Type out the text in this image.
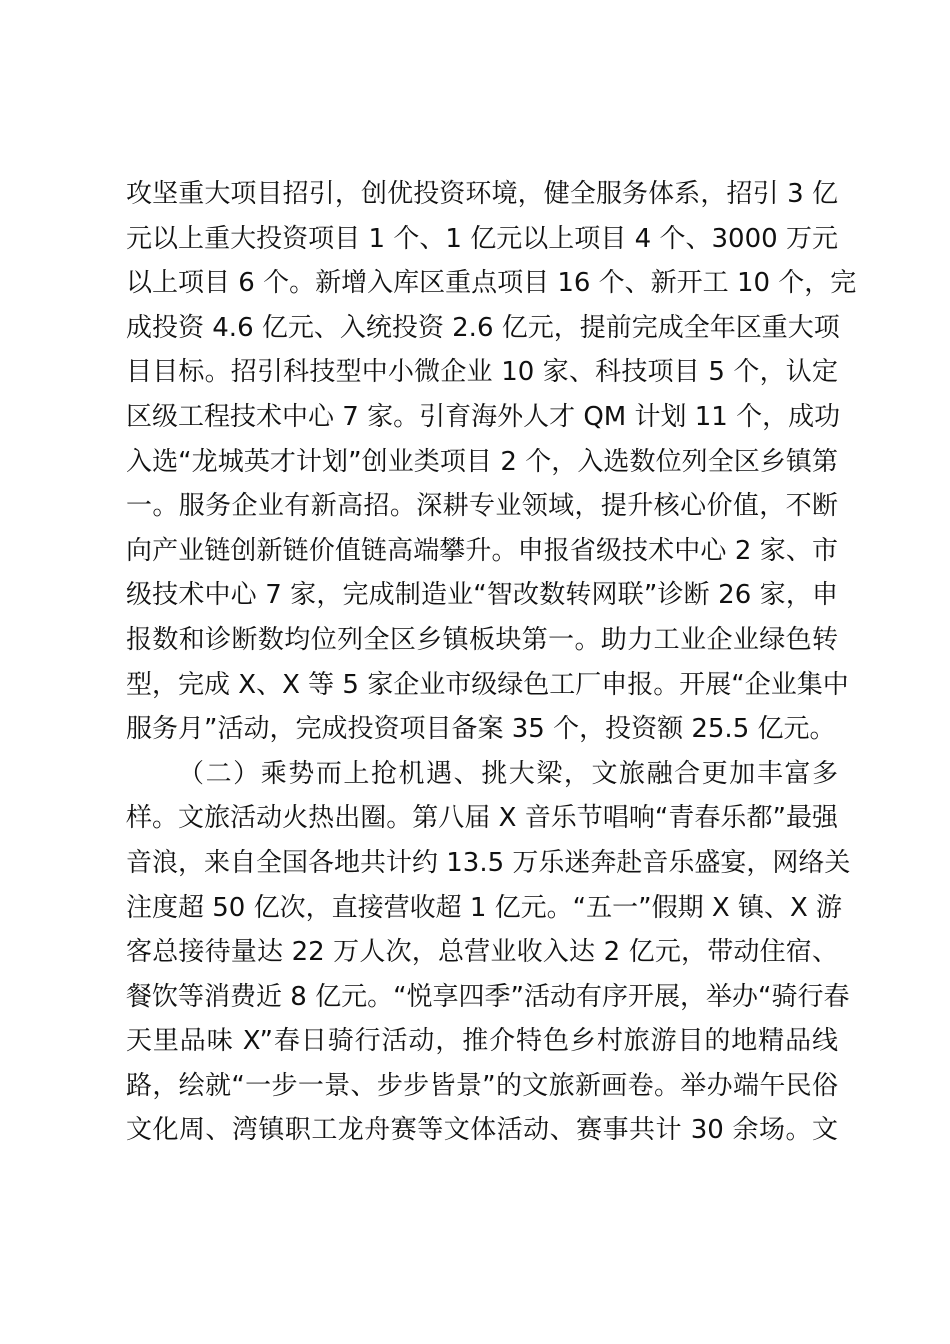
攻坚重大项目招引，创优投资环境，健全服务体系，招引 3 亿
元以上重大投资项目 1 个、1 亿元以上项目 4 个、3000 万元
以上项目 6 个。新增入库区重点项目 16 个、新开工 10 个，完
成投资 4.6 亿元、入统投资 2.6 亿元，提前完成全年区重大项
目目标。招引科技型中小微企业 10 家、科技项目 5 个，认定
区级工程技术中心 7 家。引育海外人才 QM 计划 11 个，成功
入选“龙城英才计划”创业类项目 2 个，入选数位列全区乡镇第
一。服务企业有新高招。深耕专业领域，提升核心价值，不断
向产业链创新链价值链高端攀升。申报省级技术中心 2 家、市
级技术中心 7 家，完成制造业“智改数转网联”诊断 26 家，申
报数和诊断数均位列全区乡镇板块第一。助力工业企业绿色转
型，完成 X、X 等 5 家企业市级绿色工厂申报。开展“企业集中
服务月”活动，完成投资项目备案 35 个，投资额 25.5 亿元。
（二）乘势而上抢机遇、挑大梁，文旅融合更加丰富多
样。文旅活动火热出圈。第八届 X 音乐节唱响“青春乐都”最强
音浪，来自全国各地共计约 13.5 万乐迷奔赴音乐盛宴，网络关
注度超 50 亿次，直接营收超 1 亿元。“五一”假期 X 镇、X 游
客总接待量达 22 万人次，总营业收入达 2 亿元，带动住宿、
餐饮等消费近 8 亿元。“悦享四季”活动有序开展，举办“骑行春
天里品味 X”春日骑行活动，推介特色乡村旅游目的地精品线
路，绘就“一步一景、步步皆景”的文旅新画卷。举办端午民俗
文化周、湾镇职工龙舟赛等文体活动、赛事共计 30 余场。文
